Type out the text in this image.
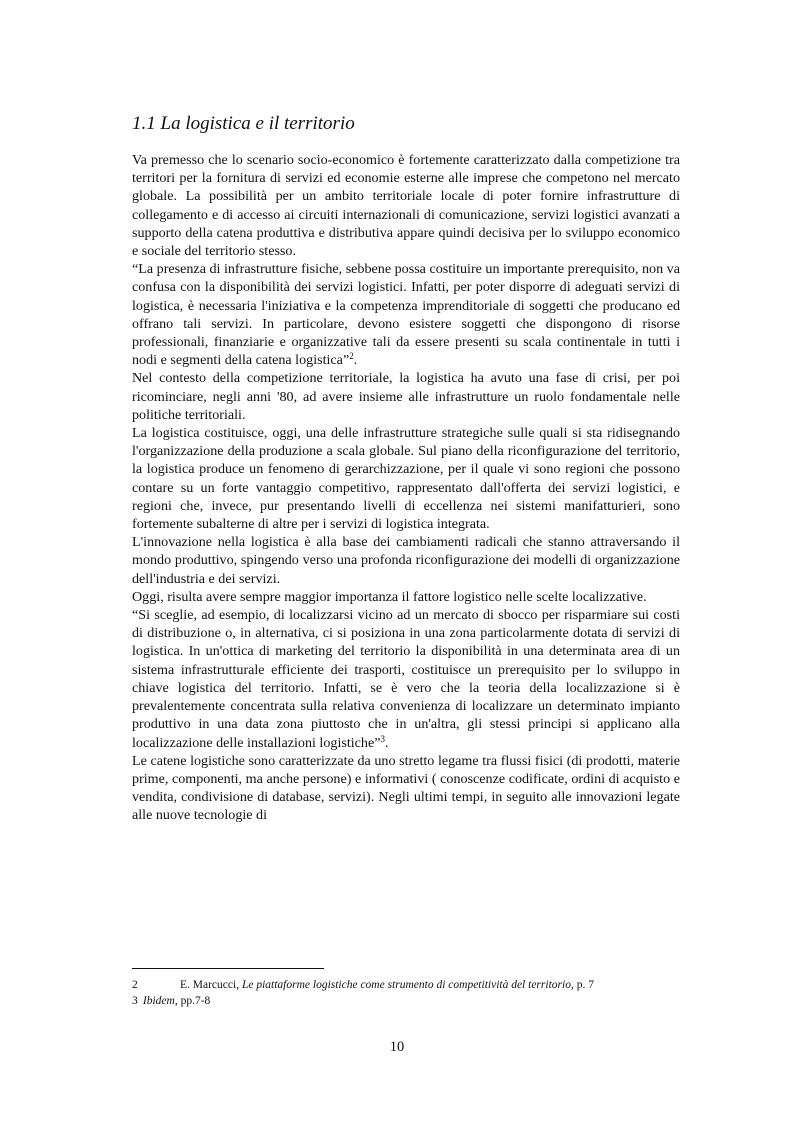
1.1 La logistica e il territorio

Va premesso che lo scenario socio-economico è fortemente caratterizzato dalla competizione tra territori per la fornitura di servizi ed economie esterne alle imprese che competono nel mercato globale. La possibilità per un ambito territoriale locale di poter fornire infrastrutture di collegamento e di accesso ai circuiti internazionali di comunicazione, servizi logistici avanzati a supporto della catena produttiva e distributiva appare quindi decisiva per lo sviluppo economico e sociale del territorio stesso.

“La presenza di infrastrutture fisiche, sebbene possa costituire un importante prerequisito, non va confusa con la disponibilità dei servizi logistici. Infatti, per poter disporre di adeguati servizi di logistica, è necessaria l'iniziativa e la competenza imprenditoriale di soggetti che producano ed offrano tali servizi. In particolare, devono esistere soggetti che dispongono di risorse professionali, finanziarie e organizzative tali da essere presenti su scala continentale in tutti i nodi e segmenti della catena logistica”$^2$.

Nel contesto della competizione territoriale, la logistica ha avuto una fase di crisi, per poi ricominciare, negli anni '80, ad avere insieme alle infrastrutture un ruolo fondamentale nelle politiche territoriali.

La logistica costituisce, oggi, una delle infrastrutture strategiche sulle quali si sta ridisegnando l'organizzazione della produzione a scala globale. Sul piano della riconfigurazione del territorio, la logistica produce un fenomeno di gerarchizzazione, per il quale vi sono regioni che possono contare su un forte vantaggio competitivo, rappresentato dall'offerta dei servizi logistici, e regioni che, invece, pur presentando livelli di eccellenza nei sistemi manifatturieri, sono fortemente subalterne di altre per i servizi di logistica integrata.

L'innovazione nella logistica è alla base dei cambiamenti radicali che stanno attraversando il mondo produttivo, spingendo verso una profonda riconfigurazione dei modelli di organizzazione dell'industria e dei servizi.

Oggi, risulta avere sempre maggior importanza il fattore logistico nelle scelte localizzative.

“Si sceglie, ad esempio, di localizzarsi vicino ad un mercato di sbocco per risparmiare sui costi di distribuzione o, in alternativa, ci si posiziona in una zona particolarmente dotata di servizi di logistica. In un'ottica di marketing del territorio la disponibilità in una determinata area di un sistema infrastrutturale efficiente dei trasporti, costituisce un prerequisito per lo sviluppo in chiave logistica del territorio. Infatti, se è vero che la teoria della localizzazione si è prevalentemente concentrata sulla relativa convenienza di localizzare un determinato impianto produttivo in una data zona piuttosto che in un'altra, gli stessi principi si applicano alla localizzazione delle installazioni logistiche”$^3$.

Le catene logistiche sono caratterizzate da uno stretto legame tra flussi fisici (di prodotti, materie prime, componenti, ma anche persone) e informativi ( conoscenze codificate, ordini di acquisto e vendita, condivisione di database, servizi). Negli ultimi tempi, in seguito alle innovazioni legate alle nuove tecnologie di

2	E. Marcucci, Le piattaforme logistiche come strumento di competitività del territorio, p. 7
3 Ibidem, pp.7-8
10
